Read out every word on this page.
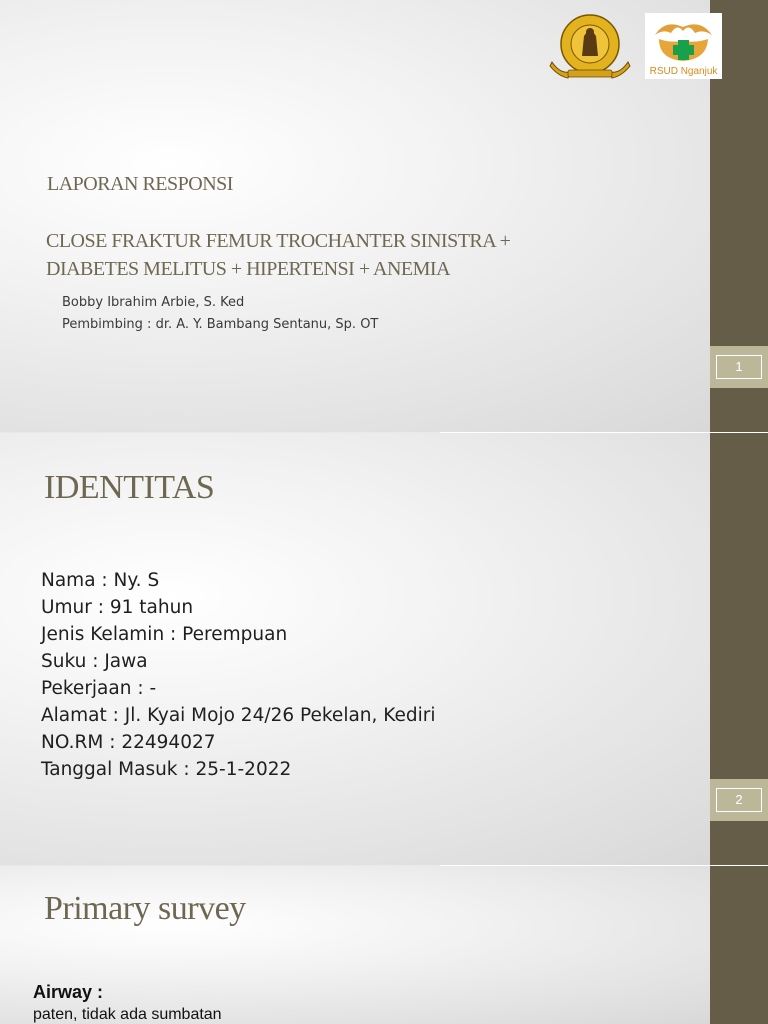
1
RSUD Nganjuk
LAPORAN RESPONSI
CLOSE FRAKTUR FEMUR TROCHANTER SINISTRA +
DIABETES MELITUS + HIPERTENSI + ANEMIA
Bobby Ibrahim Arbie, S. Ked
Pembimbing : dr. A. Y. Bambang Sentanu, Sp. OT
2
IDENTITAS
Nama : Ny. S
Umur : 91 tahun
Jenis Kelamin : Perempuan
Suku : Jawa
Pekerjaan : -
Alamat : Jl. Kyai Mojo 24/26 Pekelan, Kediri
NO.RM : 22494027
Tanggal Masuk : 25-1-2022
Primary survey
Airway :
paten, tidak ada sumbatan
